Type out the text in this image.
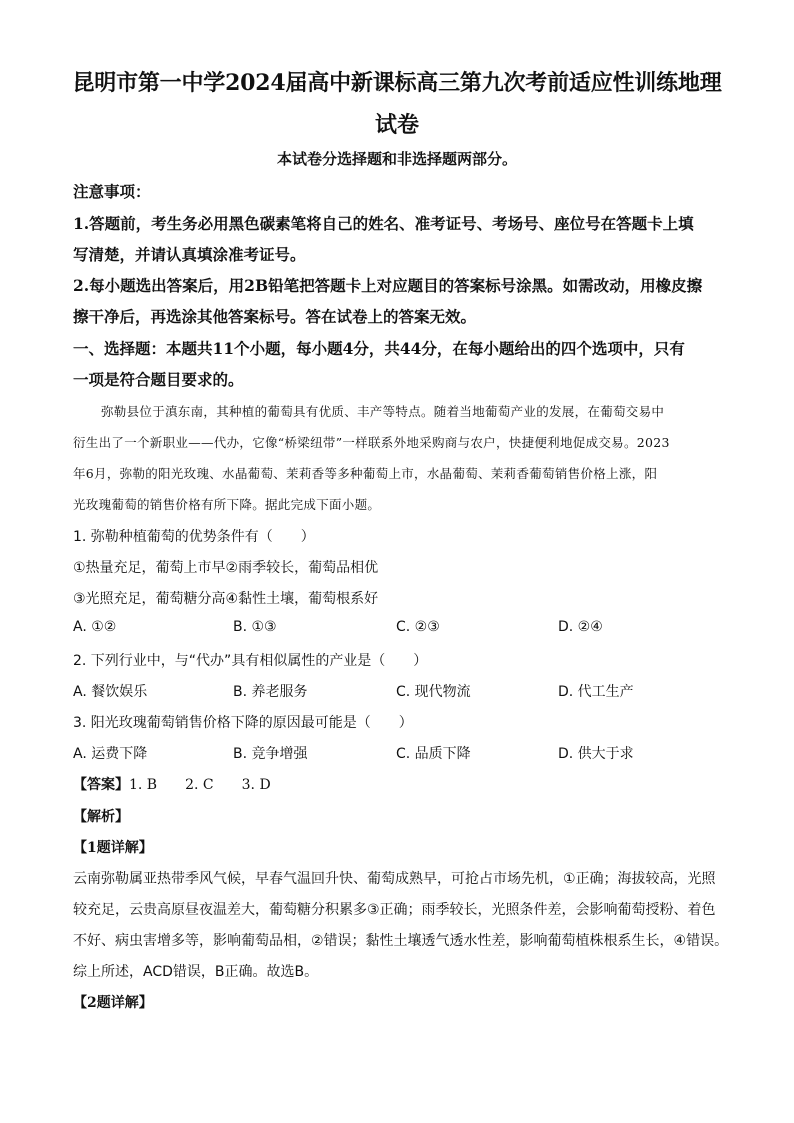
昆明市第一中学2024届高中新课标高三第九次考前适应性训练地理
试卷
本试卷分选择题和非选择题两部分。
注意事项：
1.答题前，考生务必用黑色碳素笔将自己的姓名、准考证号、考场号、座位号在答题卡上填
写清楚，并请认真填涂准考证号。
2.每小题选出答案后，用2B铅笔把答题卡上对应题目的答案标号涂黑。如需改动，用橡皮擦
擦干净后，再选涂其他答案标号。答在试卷上的答案无效。
一、选择题：本题共11个小题，每小题4分，共44分，在每小题给出的四个选项中，只有
一项是符合题目要求的。
弥勒县位于滇东南，其种植的葡萄具有优质、丰产等特点。随着当地葡萄产业的发展，在葡萄交易中
衍生出了一个新职业——代办，它像“桥梁纽带”一样联系外地采购商与农户，快捷便利地促成交易。2023
年6月，弥勒的阳光玫瑰、水晶葡萄、茉莉香等多种葡萄上市，水晶葡萄、茉莉香葡萄销售价格上涨，阳
光玫瑰葡萄的销售价格有所下降。据此完成下面小题。
1. 弥勒种植葡萄的优势条件有（　　）
①热量充足，葡萄上市早②雨季较长，葡萄品相优
③光照充足，葡萄糖分高④黏性土壤，葡萄根系好
A. ①②	B. ①③	C. ②③	D. ②④
2. 下列行业中，与“代办”具有相似属性的产业是（　　）
A. 餐饮娱乐	B. 养老服务	C. 现代物流	D. 代工生产
3. 阳光玫瑰葡萄销售价格下降的原因最可能是（　　）
A. 运费下降	B. 竞争增强	C. 品质下降	D. 供大于求
【答案】1. B 2. C 3. D
【解析】
【1题详解】
云南弥勒属亚热带季风气候，早春气温回升快、葡萄成熟早，可抢占市场先机，①正确；海拔较高，光照
较充足，云贵高原昼夜温差大，葡萄糖分积累多③正确；雨季较长，光照条件差，会影响葡萄授粉、着色
不好、病虫害增多等，影响葡萄品相，②错误；黏性土壤透气透水性差，影响葡萄植株根系生长，④错误。
综上所述，ACD错误，B正确。故选B。
【2题详解】
